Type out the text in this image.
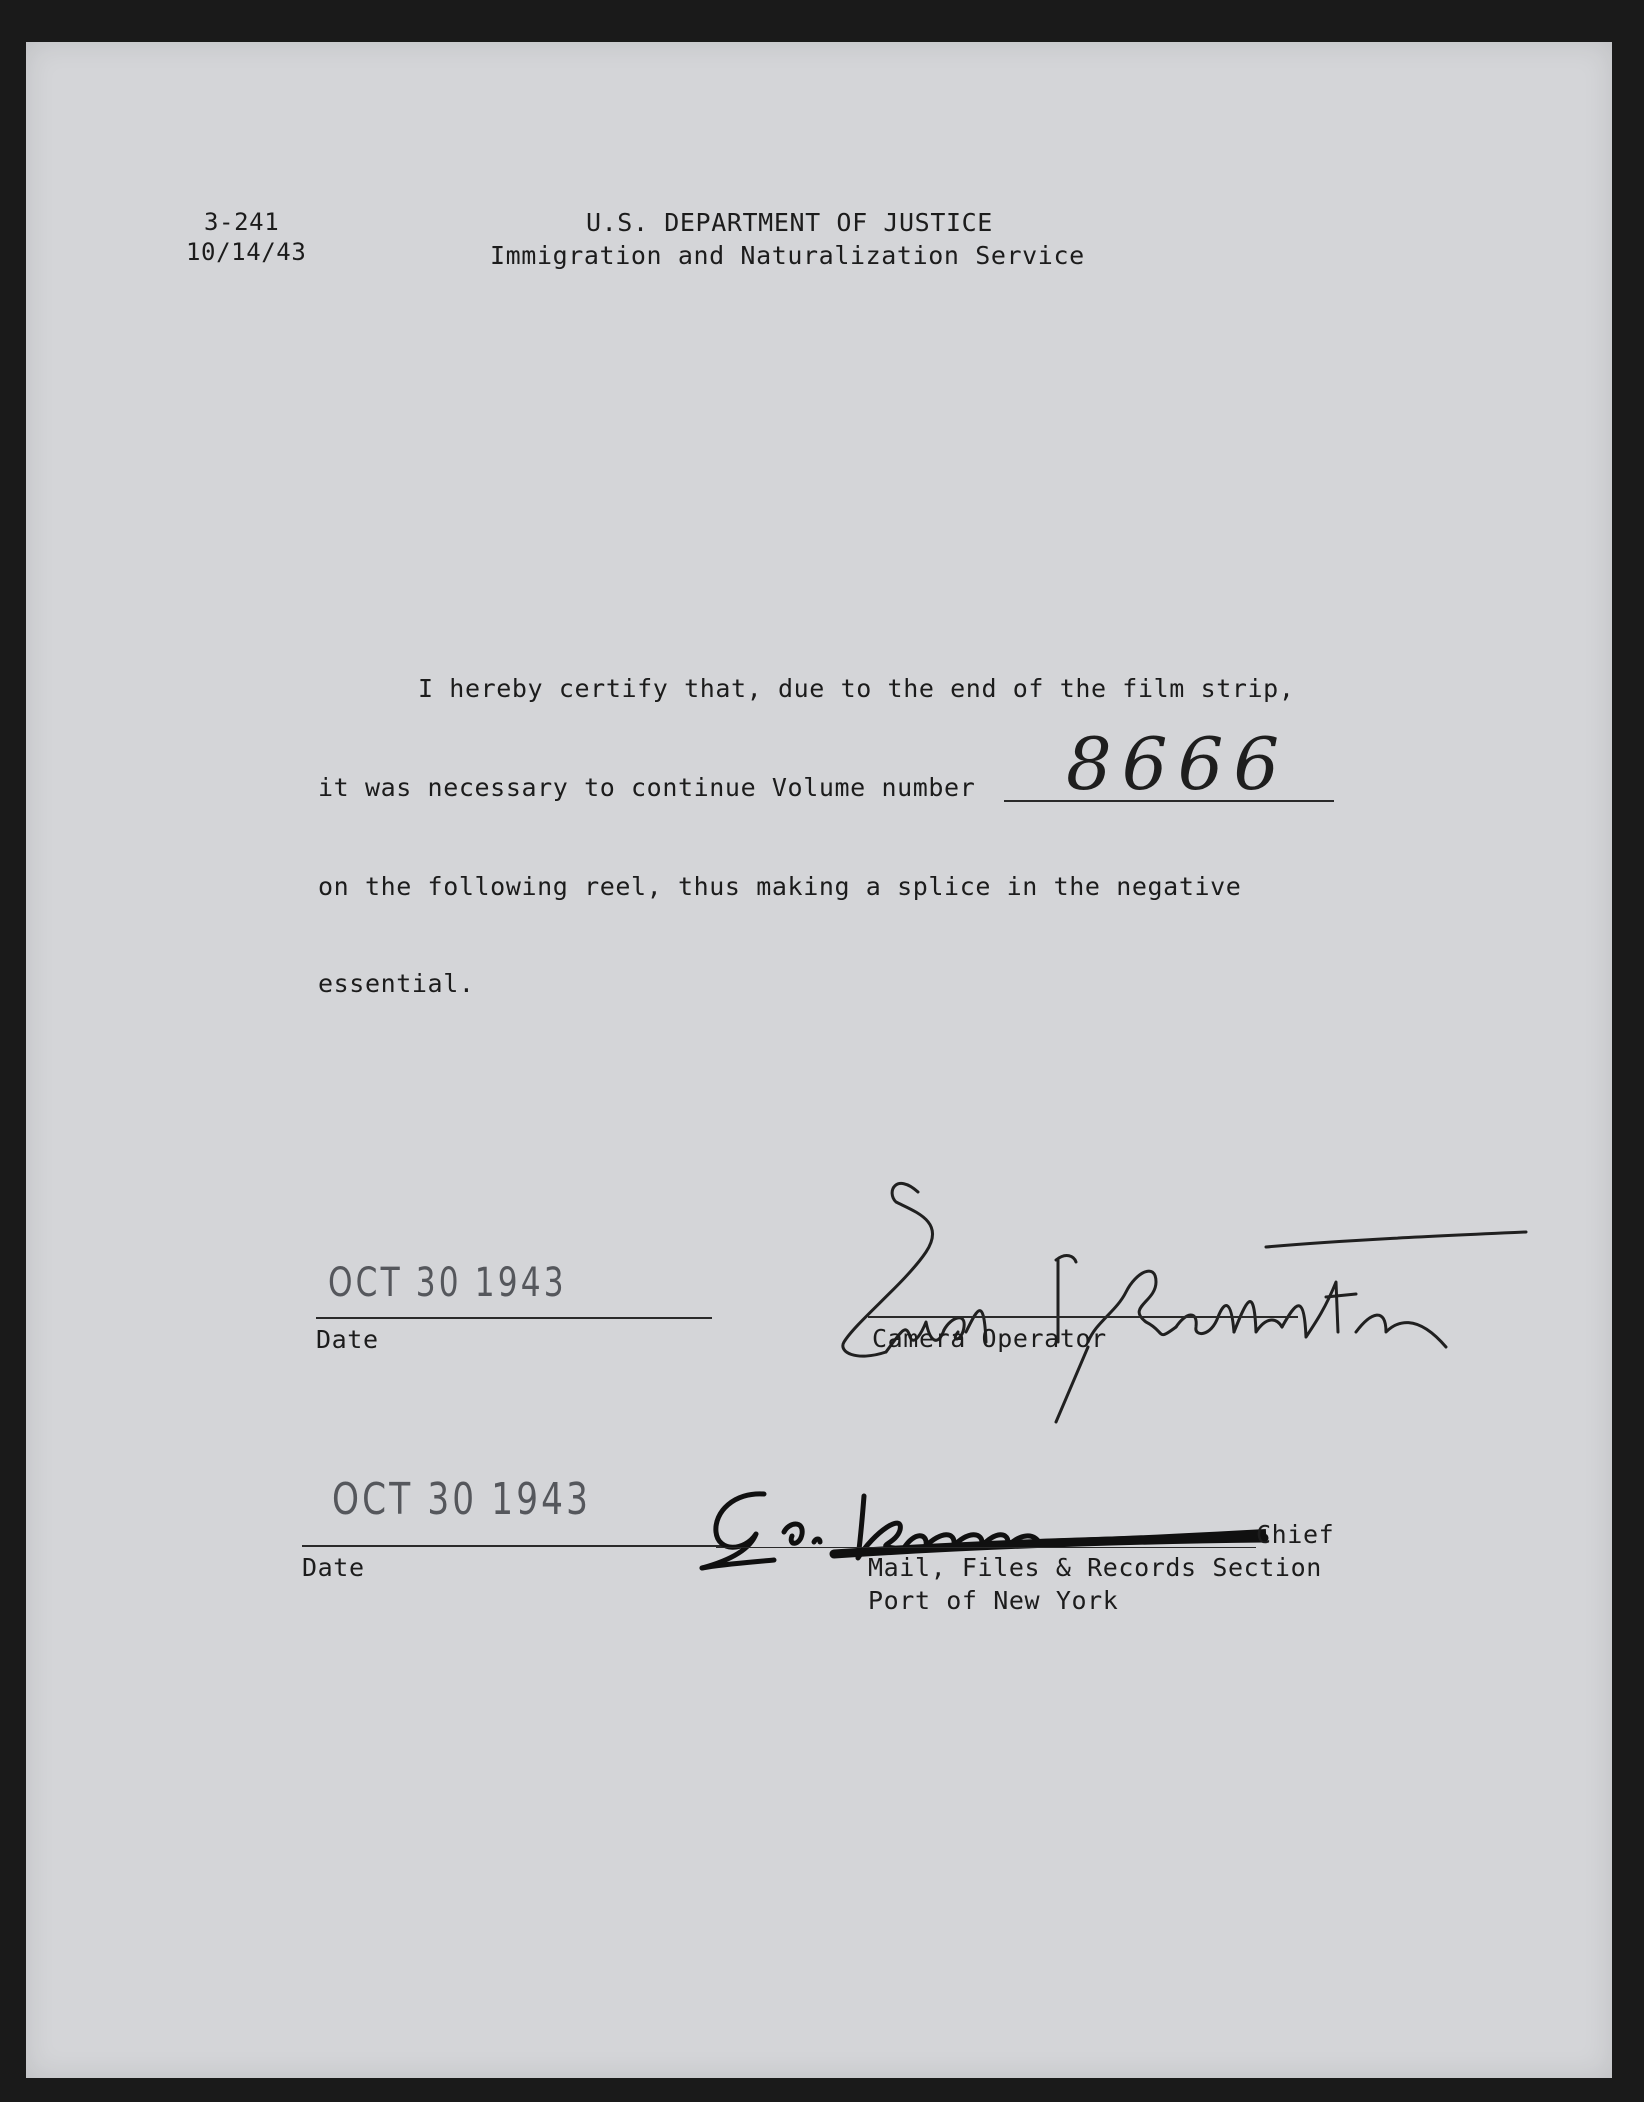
3-241
10/14/43
U.S. DEPARTMENT OF JUSTICE
Immigration and Naturalization Service
I hereby certify that, due to the end of the film strip,
it was necessary to continue Volume number 8666
on the following reel, thus making a splice in the negative
essential.
OCT 30 1943
Date	Camera Operator
OCT 30 1943
Date
Chief
Mail, Files & Records Section
Port of New York
